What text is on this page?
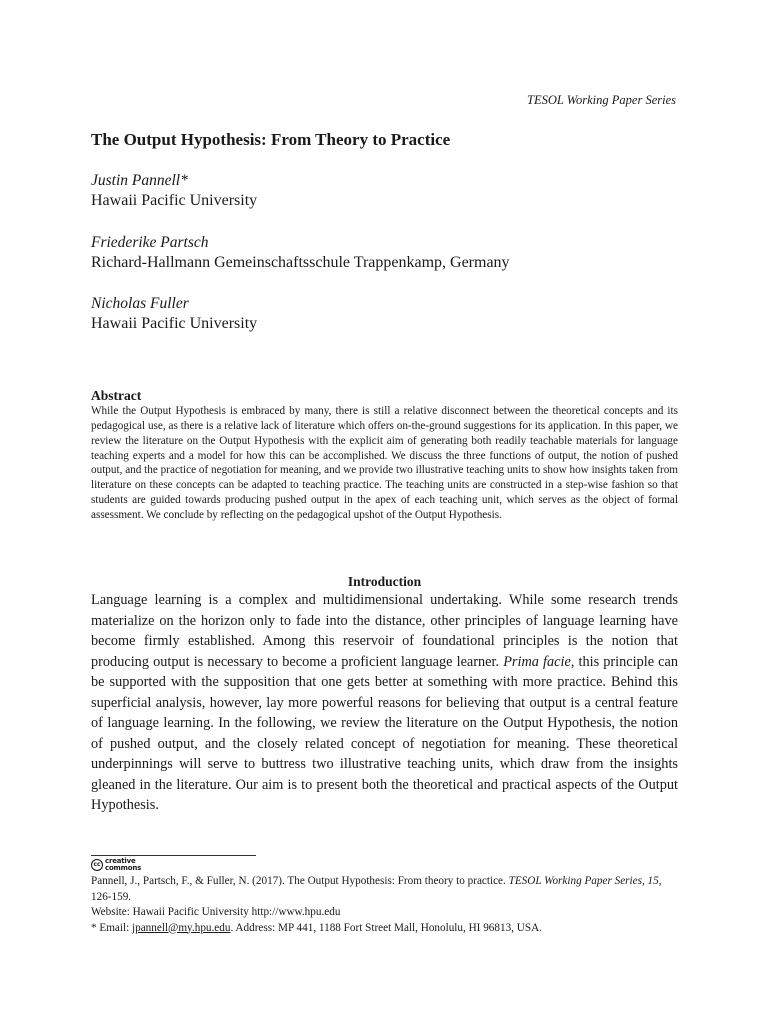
TESOL Working Paper Series
The Output Hypothesis: From Theory to Practice
Justin Pannell*
Hawaii Pacific University
Friederike Partsch
Richard-Hallmann Gemeinschaftsschule Trappenkamp, Germany
Nicholas Fuller
Hawaii Pacific University
Abstract

While the Output Hypothesis is embraced by many, there is still a relative disconnect between the theoretical concepts and its pedagogical use, as there is a relative lack of literature which offers on-the-ground suggestions for its application. In this paper, we review the literature on the Output Hypothesis with the explicit aim of generating both readily teachable materials for language teaching experts and a model for how this can be accomplished. We discuss the three functions of output, the notion of pushed output, and the practice of negotiation for meaning, and we provide two illustrative teaching units to show how insights taken from literature on these concepts can be adapted to teaching practice. The teaching units are constructed in a step-wise fashion so that students are guided towards producing pushed output in the apex of each teaching unit, which serves as the object of formal assessment. We conclude by reflecting on the pedagogical upshot of the Output Hypothesis.

Introduction

Language learning is a complex and multidimensional undertaking. While some research trends materialize on the horizon only to fade into the distance, other principles of language learning have become firmly established. Among this reservoir of foundational principles is the notion that producing output is necessary to become a proficient language learner. Prima facie, this principle can be supported with the supposition that one gets better at something with more practice. Behind this superficial analysis, however, lay more powerful reasons for believing that output is a central feature of language learning. In the following, we review the literature on the Output Hypothesis, the notion of pushed output, and the closely related concept of negotiation for meaning. These theoretical underpinnings will serve to buttress two illustrative teaching units, which draw from the insights gleaned in the literature. Our aim is to present both the theoretical and practical aspects of the Output Hypothesis.

cc creative
commons
Pannell, J., Partsch, F., & Fuller, N. (2017). The Output Hypothesis: From theory to practice. TESOL Working Paper Series, 15, 126-159.
Website: Hawaii Pacific University http://www.hpu.edu
* Email: jpannell@my.hpu.edu. Address: MP 441, 1188 Fort Street Mall, Honolulu, HI 96813, USA.
